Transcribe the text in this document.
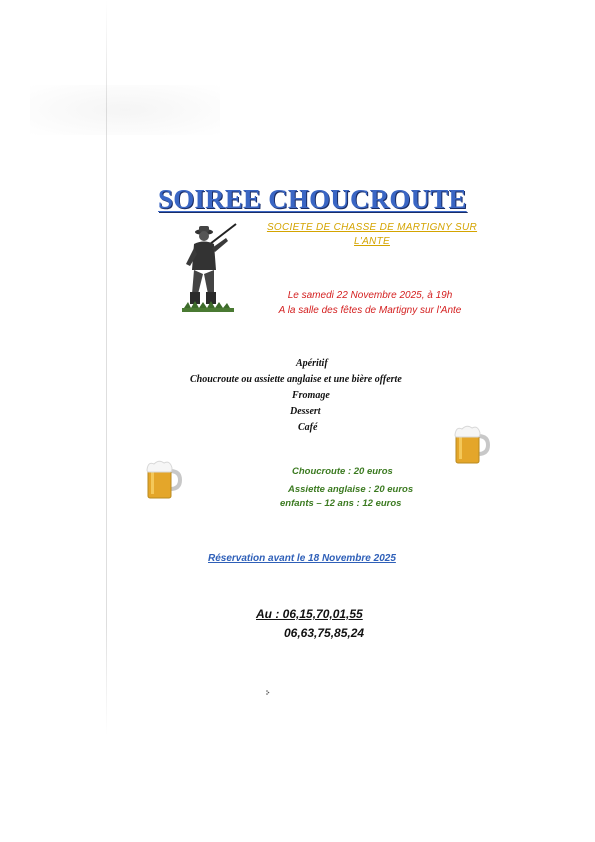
SOIREE CHOUCROUTE
SOCIETE DE CHASSE DE MARTIGNY SUR
L'ANTE
Le samedi 22 Novembre 2025, à 19h
A la salle des fêtes de Martigny sur l'Ante
Apéritif
Choucroute ou assiette anglaise et une bière offerte
Fromage
Dessert
Café
Choucroute : 20 euros
Assiette anglaise : 20 euros
enfants – 12 ans : 12 euros
Réservation avant le 18 Novembre 2025
Au : 06,15,70,01,55
06,63,75,85,24
